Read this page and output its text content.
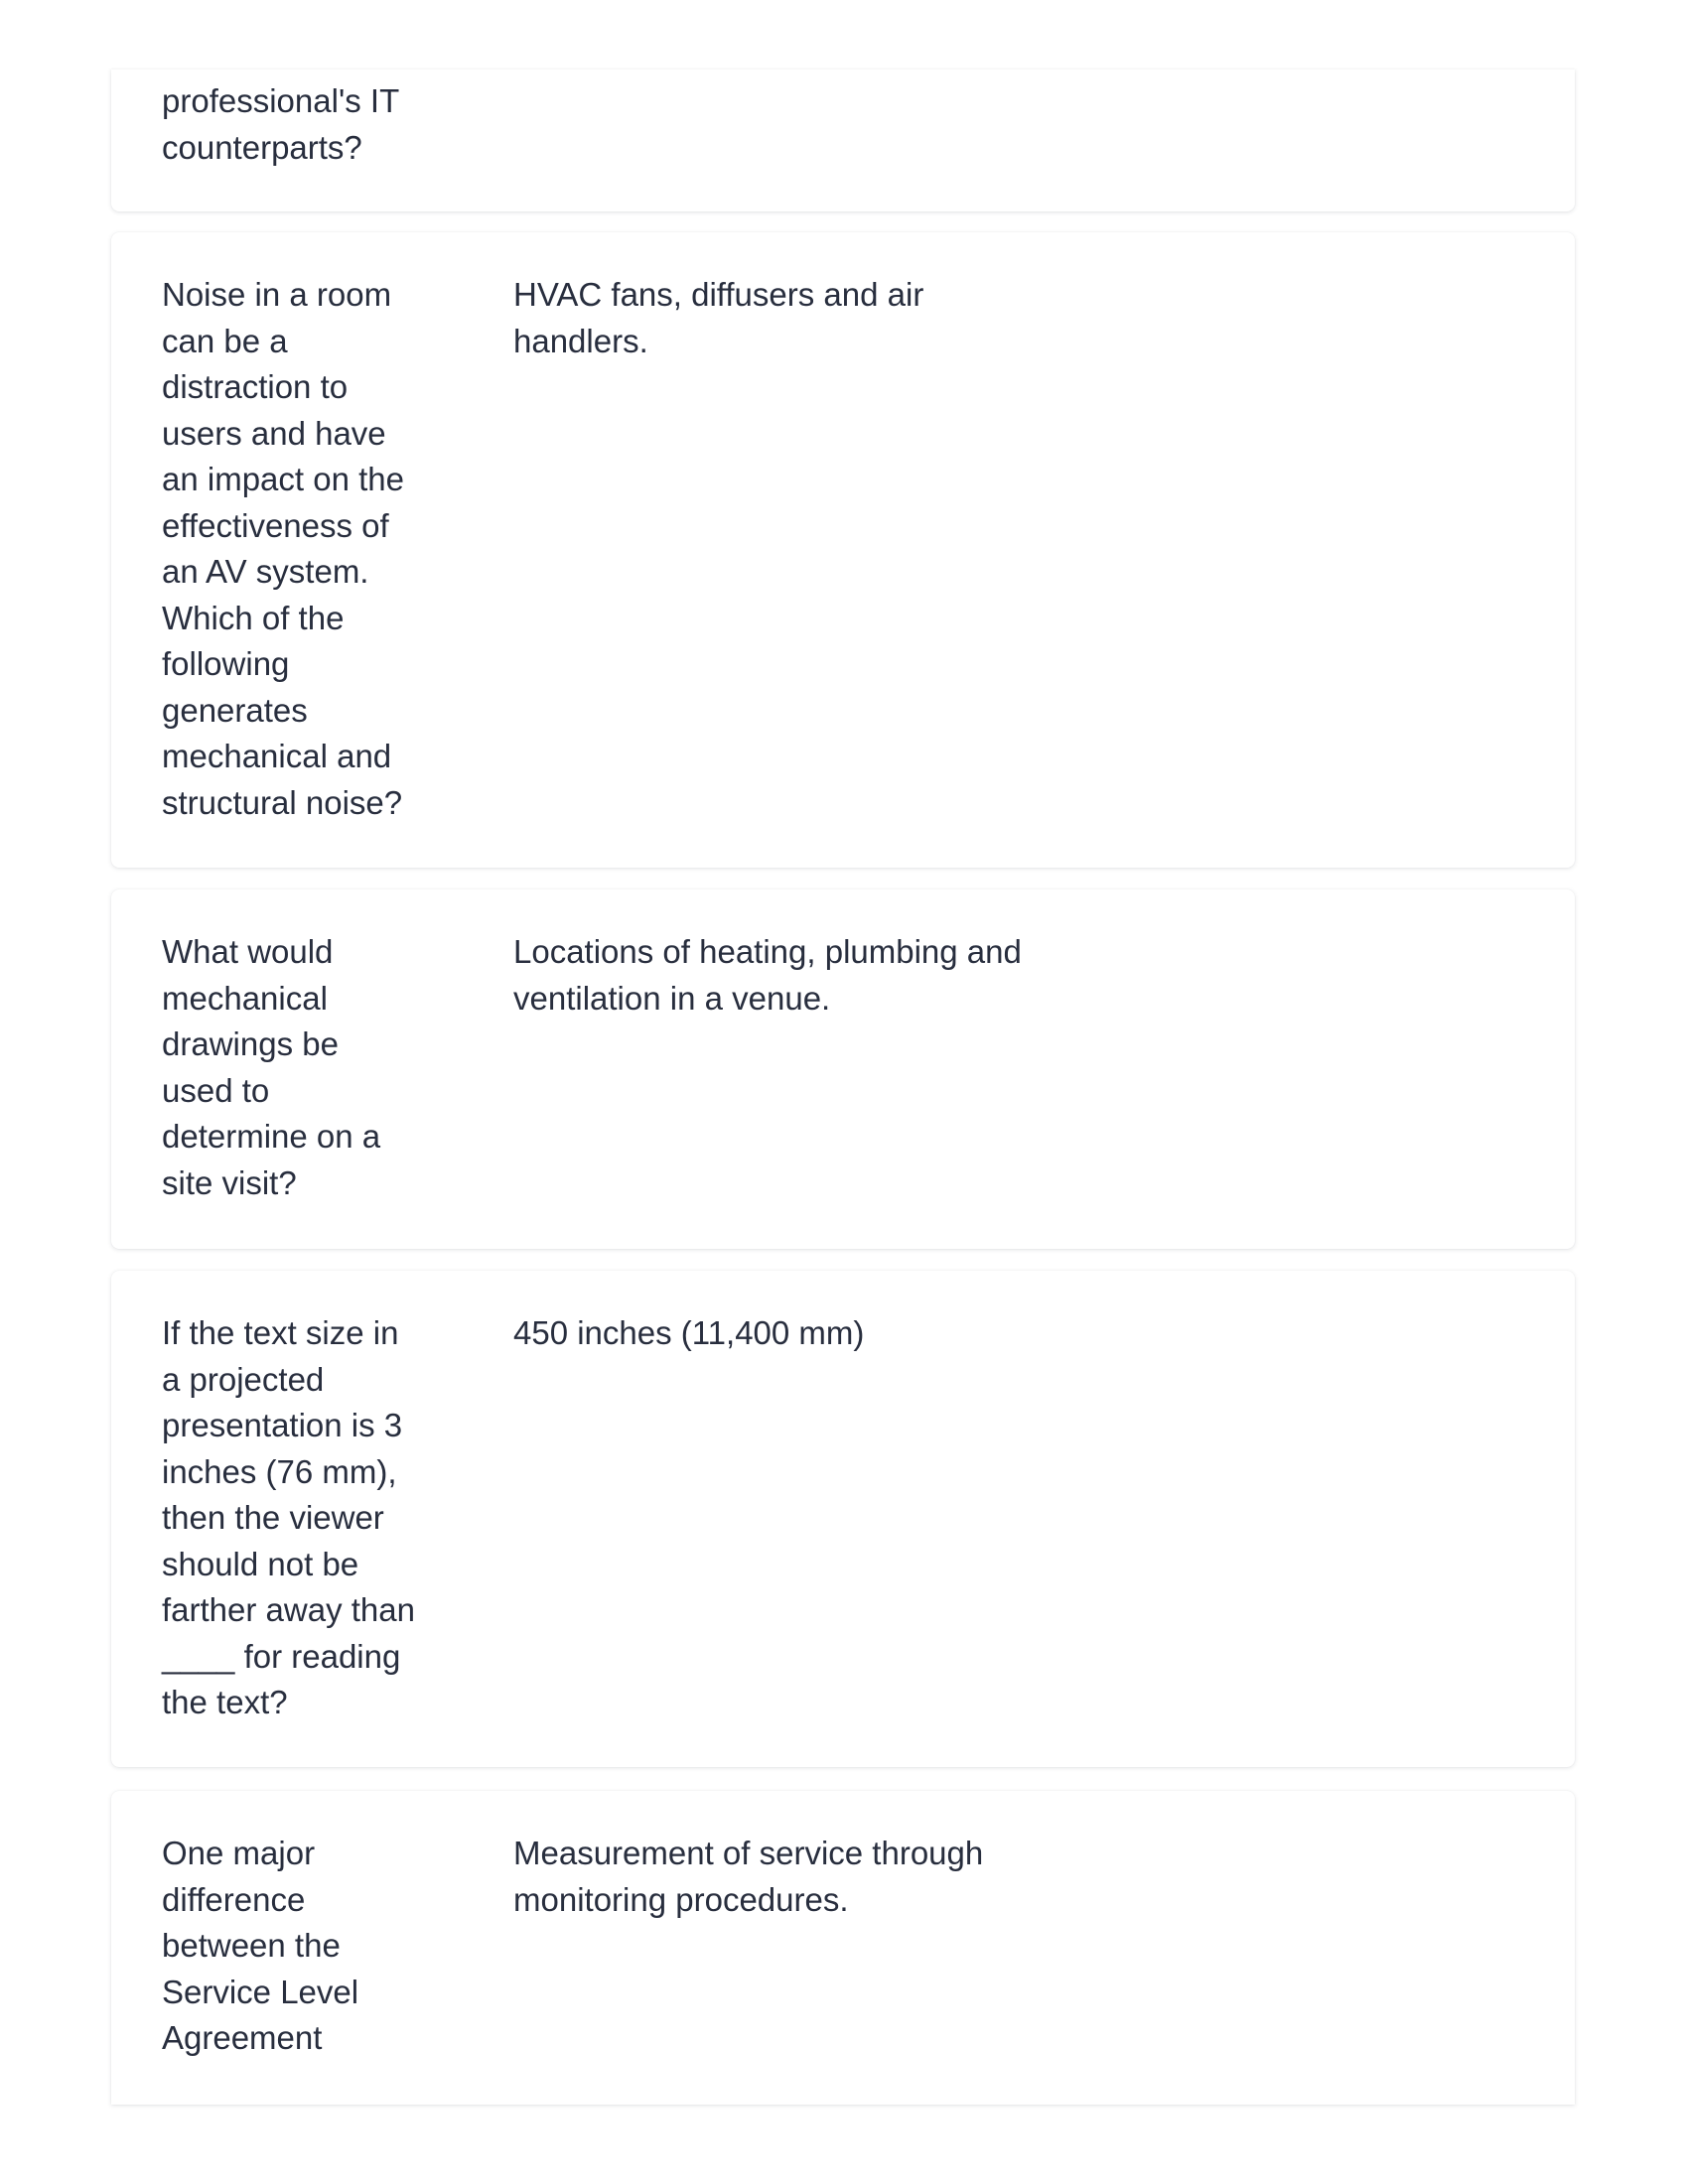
professional's IT
counterparts?

Noise in a room
can be a
distraction to
users and have
an impact on the
effectiveness of
an AV system.
Which of the
following
generates
mechanical and
structural noise?

HVAC fans, diffusers and air
handlers.

What would
mechanical
drawings be
used to
determine on a
site visit?

Locations of heating, plumbing and
ventilation in a venue.

If the text size in
a projected
presentation is 3
inches (76 mm),
then the viewer
should not be
farther away than
____ for reading
the text?

450 inches (11,400 mm)

One major
difference
between the
Service Level
Agreement

Measurement of service through
monitoring procedures.
